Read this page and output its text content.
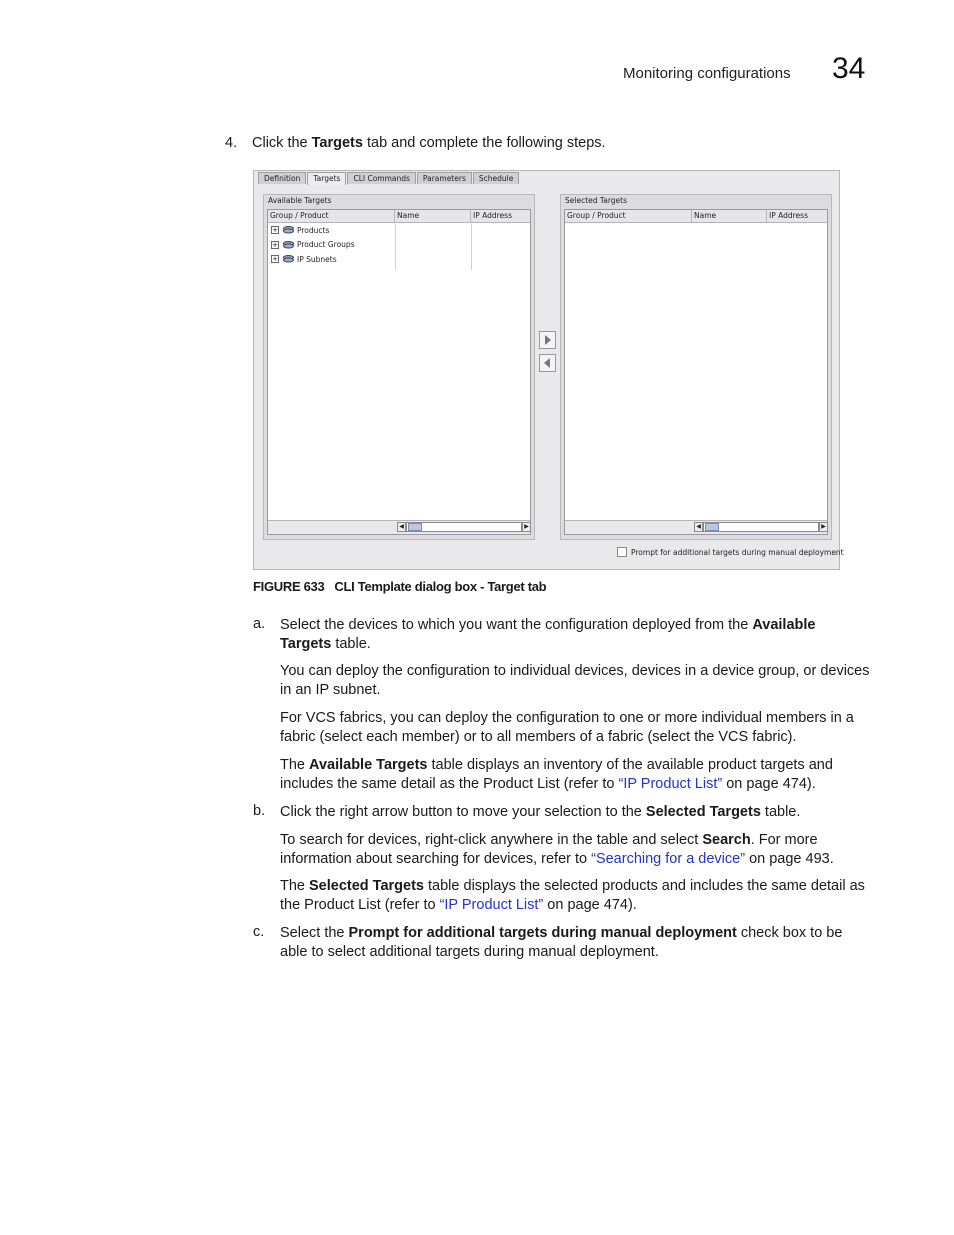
Monitoring configurations 34
4. Click the Targets tab and complete the following steps.
Definition	Targets	CLI Commands	Parameters	Schedule
Available Targets
Group / Product	Name	IP Address
+	Products
+	Product Groups
+	IP Subnets
◀	▶
Selected Targets
Group / Product	Name	IP Address
◀	▶
Prompt for additional targets during manual deployment
FIGURE 633 CLI Template dialog box - Target tab
a. Select the devices to which you want the configuration deployed from the Available Targets table.
You can deploy the configuration to individual devices, devices in a device group, or devices in an IP subnet.
For VCS fabrics, you can deploy the configuration to one or more individual members in a fabric (select each member) or to all members of a fabric (select the VCS fabric).
The Available Targets table displays an inventory of the available product targets and includes the same detail as the Product List (refer to “IP Product List” on page 474).
b. Click the right arrow button to move your selection to the Selected Targets table.
To search for devices, right-click anywhere in the table and select Search. For more information about searching for devices, refer to “Searching for a device” on page 493.
The Selected Targets table displays the selected products and includes the same detail as the Product List (refer to “IP Product List” on page 474).
c. Select the Prompt for additional targets during manual deployment check box to be able to select additional targets during manual deployment.
